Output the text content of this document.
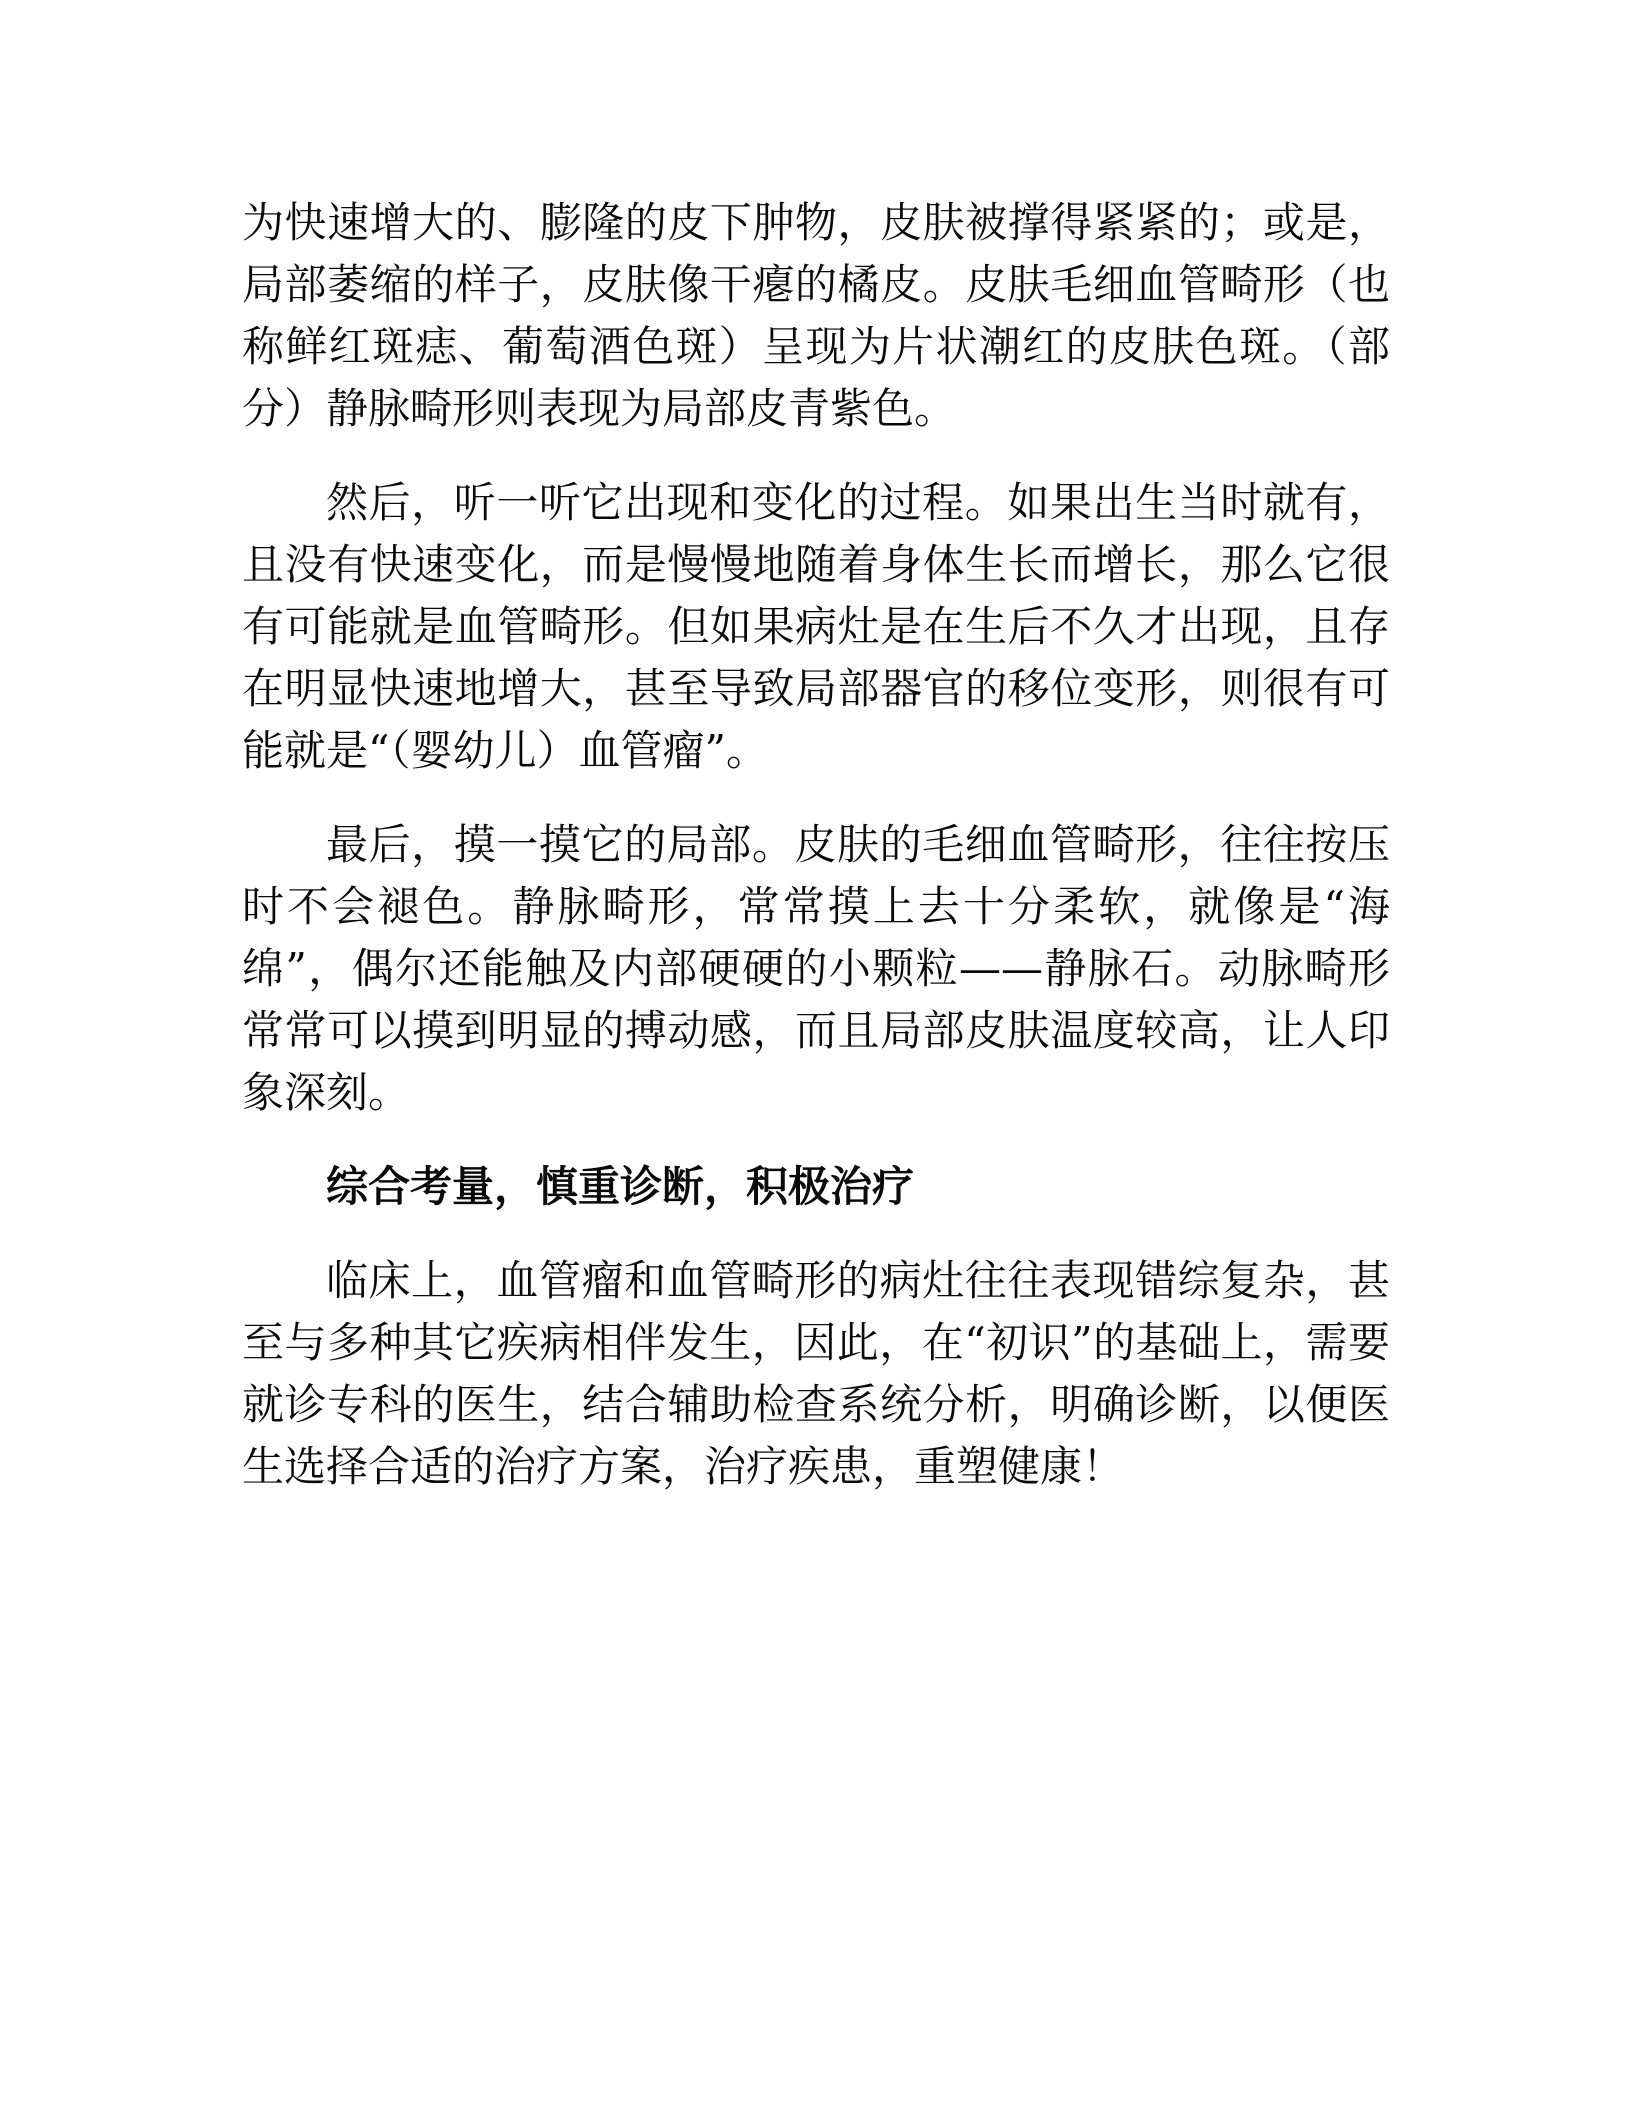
为快速增大的、膨隆的皮下肿物，皮肤被撑得紧紧的；或是，局部萎缩的样子，皮肤像干瘪的橘皮。皮肤毛细血管畸形（也称鲜红斑痣、葡萄酒色斑）呈现为片状潮红的皮肤色斑。（部分）静脉畸形则表现为局部皮青紫色。

然后，听一听它出现和变化的过程。如果出生当时就有，且没有快速变化，而是慢慢地随着身体生长而增长，那么它很有可能就是血管畸形。但如果病灶是在生后不久才出现，且存在明显快速地增大，甚至导致局部器官的移位变形，则很有可能就是“（婴幼儿）血管瘤”。

最后，摸一摸它的局部。皮肤的毛细血管畸形，往往按压时不会褪色。静脉畸形，常常摸上去十分柔软，就像是“海绵”，偶尔还能触及内部硬硬的小颗粒——静脉石。动脉畸形常常可以摸到明显的搏动感，而且局部皮肤温度较高，让人印象深刻。

综合考量，慎重诊断，积极治疗

临床上，血管瘤和血管畸形的病灶往往表现错综复杂，甚至与多种其它疾病相伴发生，因此，在“初识”的基础上，需要就诊专科的医生，结合辅助检查系统分析，明确诊断，以便医生选择合适的治疗方案，治疗疾患，重塑健康！
